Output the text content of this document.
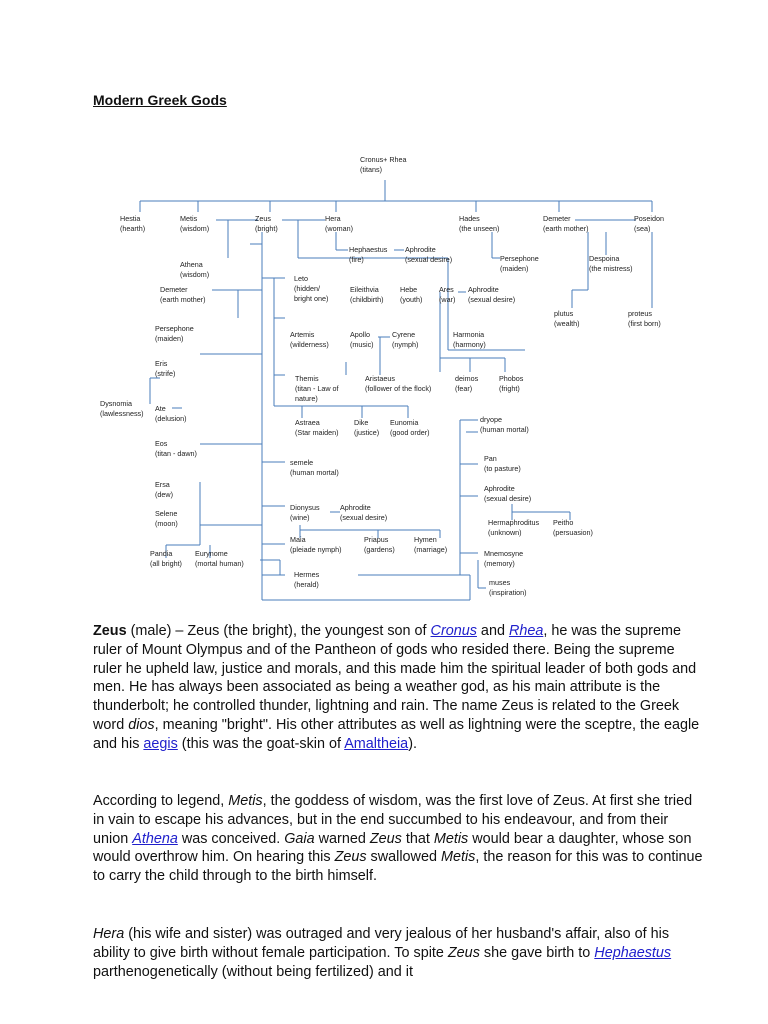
Modern Greek Gods
Cronus+ Rhea
(titans)
Hestia
(hearth)
Metis
(wisdom)
Zeus
(bright)
Hera
(woman)
Hades
(the unseen)
Demeter
(earth mother)
Poseidon
(sea)
Athena
(wisdom)
Hephaestus
(fire)
Aphrodite
(sexual desire)	Persephone
(maiden)
Despoina
(the mistress)
Demeter
(earth mother)
Leto
(hidden/
bright one)
Eileithvia
(childbirth)
Hebe
(youth)
Ares
(war)
Aphrodite
(sexual desire)
plutus
(wealth)
proteus
(first born)
Persephone
(maiden)	Artemis
(wilderness)
Apollo
(music)
Cyrene
(nymph)
Harmonia
(harmony)
Eris
(strife)
Dysnomia
(lawlessness)
Ate
(delusion)
Themis
(titan - Law of
nature)
Aristaeus
(follower of the flock)
deimos
(fear)
Phobos
(fright)
Eos
(titan - dawn)
Astraea
(Star maiden)
Dike
(justice)
Eunomia
(good order)
dryope
(human mortal)
Pan
(to pasture)
Ersa
(dew)
semele
(human mortal)
Aphrodite
(sexual desire)
Selene
(moon)
Dionysus
(wine)
Aphrodite
(sexual desire)
Hermaphroditus
(unknown)
Peitho
(persuasion)
Maia
(pleiade nymph)
Priapus
(gardens)
Hymen
(marriage)	Mnemosyne
(memory)
Pandia
(all bright)
Eurynome
(mortal human)
Hermes
(herald)	muses
(inspiration)

Zeus (male) – Zeus (the bright), the youngest son of Cronus and Rhea, he was the supreme ruler of Mount Olympus and of the Pantheon of gods who resided there. Being the supreme ruler he upheld law, justice and morals, and this made him the spiritual leader of both gods and men. He has always been associated as being a weather god, as his main attribute is the thunderbolt; he controlled thunder, lightning and rain. The name Zeus is related to the Greek word dios, meaning "bright". His other attributes as well as lightning were the sceptre, the eagle and his aegis (this was the goat-skin of Amaltheia).

According to legend, Metis, the goddess of wisdom, was the first love of Zeus. At first she tried in vain to escape his advances, but in the end succumbed to his endeavour, and from their union Athena was conceived. Gaia warned Zeus that Metis would bear a daughter, whose son would overthrow him. On hearing this Zeus swallowed Metis, the reason for this was to continue to carry the child through to the birth himself.

Hera (his wife and sister) was outraged and very jealous of her husband's affair, also of his ability to give birth without female participation. To spite Zeus she gave birth to Hephaestus parthenogenetically (without being fertilized) and it
